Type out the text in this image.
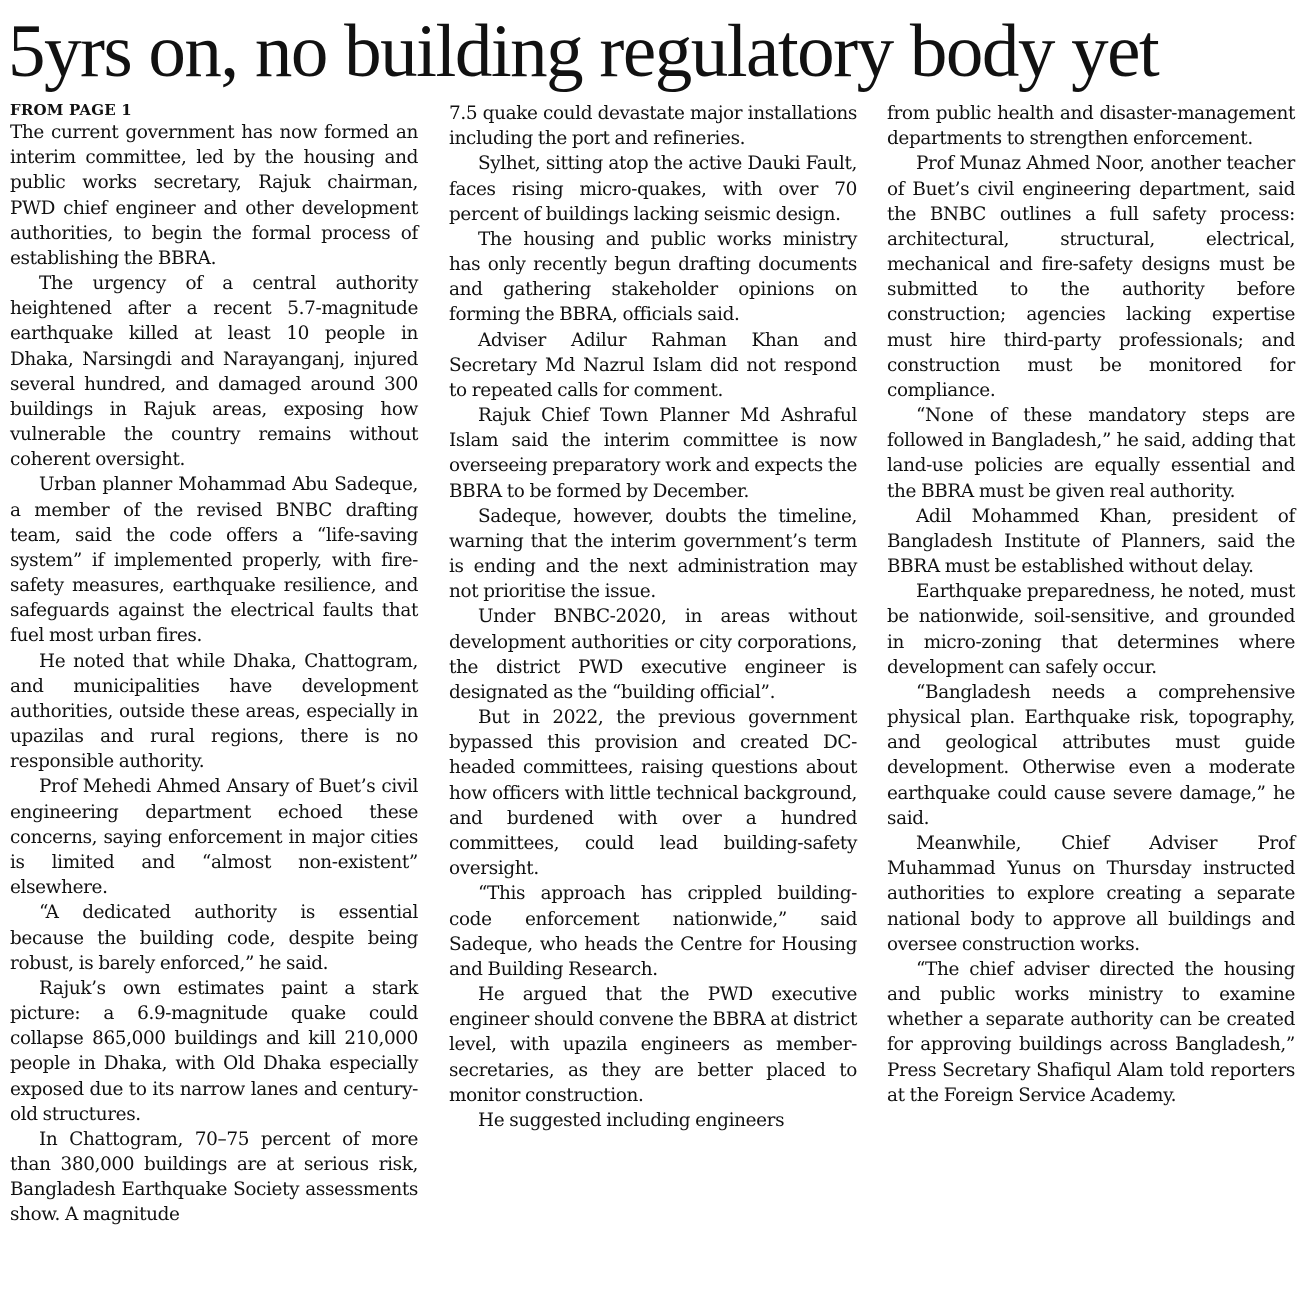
5yrs on, no building regulatory body yet
FROM PAGE 1

The current government has now formed an interim committee, led by the housing and public works secretary, Rajuk chairman, PWD chief engineer and other development authorities, to begin the formal process of establishing the BBRA.

The urgency of a central authority heightened after a recent 5.7-magnitude earthquake killed at least 10 people in Dhaka, Narsingdi and Narayanganj, injured several hundred, and damaged around 300 buildings in Rajuk areas, exposing how vulnerable the country remains without coherent oversight.

Urban planner Mohammad Abu Sadeque, a member of the revised BNBC drafting team, said the code offers a “life-saving system” if implemented properly, with fire-safety measures, earthquake resilience, and safeguards against the electrical faults that fuel most urban fires.

He noted that while Dhaka, Chattogram, and municipalities have development authorities, outside these areas, especially in upazilas and rural regions, there is no responsible authority.

Prof Mehedi Ahmed Ansary of Buet’s civil engineering department echoed these concerns, saying enforcement in major cities is limited and “almost non-existent” elsewhere.

“A dedicated authority is essential because the building code, despite being robust, is barely enforced,” he said.

Rajuk’s own estimates paint a stark picture: a 6.9-magnitude quake could collapse 865,000 buildings and kill 210,000 people in Dhaka, with Old Dhaka especially exposed due to its narrow lanes and century-old structures.

In Chattogram, 70–75 percent of more than 380,000 buildings are at serious risk, Bangladesh Earthquake Society assessments show. A magnitude

7.5 quake could devastate major installations including the port and refineries.

Sylhet, sitting atop the active Dauki Fault, faces rising micro-quakes, with over 70 percent of buildings lacking seismic design.

The housing and public works ministry has only recently begun drafting documents and gathering stakeholder opinions on forming the BBRA, officials said.

Adviser Adilur Rahman Khan and Secretary Md Nazrul Islam did not respond to repeated calls for comment.

Rajuk Chief Town Planner Md Ashraful Islam said the interim committee is now overseeing preparatory work and expects the BBRA to be formed by December.

Sadeque, however, doubts the timeline, warning that the interim government’s term is ending and the next administration may not prioritise the issue.

Under BNBC-2020, in areas without development authorities or city corporations, the district PWD executive engineer is designated as the “building official”.

But in 2022, the previous government bypassed this provision and created DC-headed committees, raising questions about how officers with little technical background, and burdened with over a hundred committees, could lead building-safety oversight.

“This approach has crippled building-code enforcement nationwide,” said Sadeque, who heads the Centre for Housing and Building Research.

He argued that the PWD executive engineer should convene the BBRA at district level, with upazila engineers as member-secretaries, as they are better placed to monitor construction.

He suggested including engineers

from public health and disaster-management departments to strengthen enforcement.

Prof Munaz Ahmed Noor, another teacher of Buet’s civil engineering department, said the BNBC outlines a full safety process: architectural, structural, electrical, mechanical and fire-safety designs must be submitted to the authority before construction; agencies lacking expertise must hire third-party professionals; and construction must be monitored for compliance.

“None of these mandatory steps are followed in Bangladesh,” he said, adding that land-use policies are equally essential and the BBRA must be given real authority.

Adil Mohammed Khan, president of Bangladesh Institute of Planners, said the BBRA must be established without delay.

Earthquake preparedness, he noted, must be nationwide, soil-sensitive, and grounded in micro-zoning that determines where development can safely occur.

“Bangladesh needs a comprehensive physical plan. Earthquake risk, topography, and geological attributes must guide development. Otherwise even a moderate earthquake could cause severe damage,” he said.

Meanwhile, Chief Adviser Prof Muhammad Yunus on Thursday instructed authorities to explore creating a separate national body to approve all buildings and oversee construction works.

“The chief adviser directed the housing and public works ministry to examine whether a separate authority can be created for approving buildings across Bangladesh,” Press Secretary Shafiqul Alam told reporters at the Foreign Service Academy.
